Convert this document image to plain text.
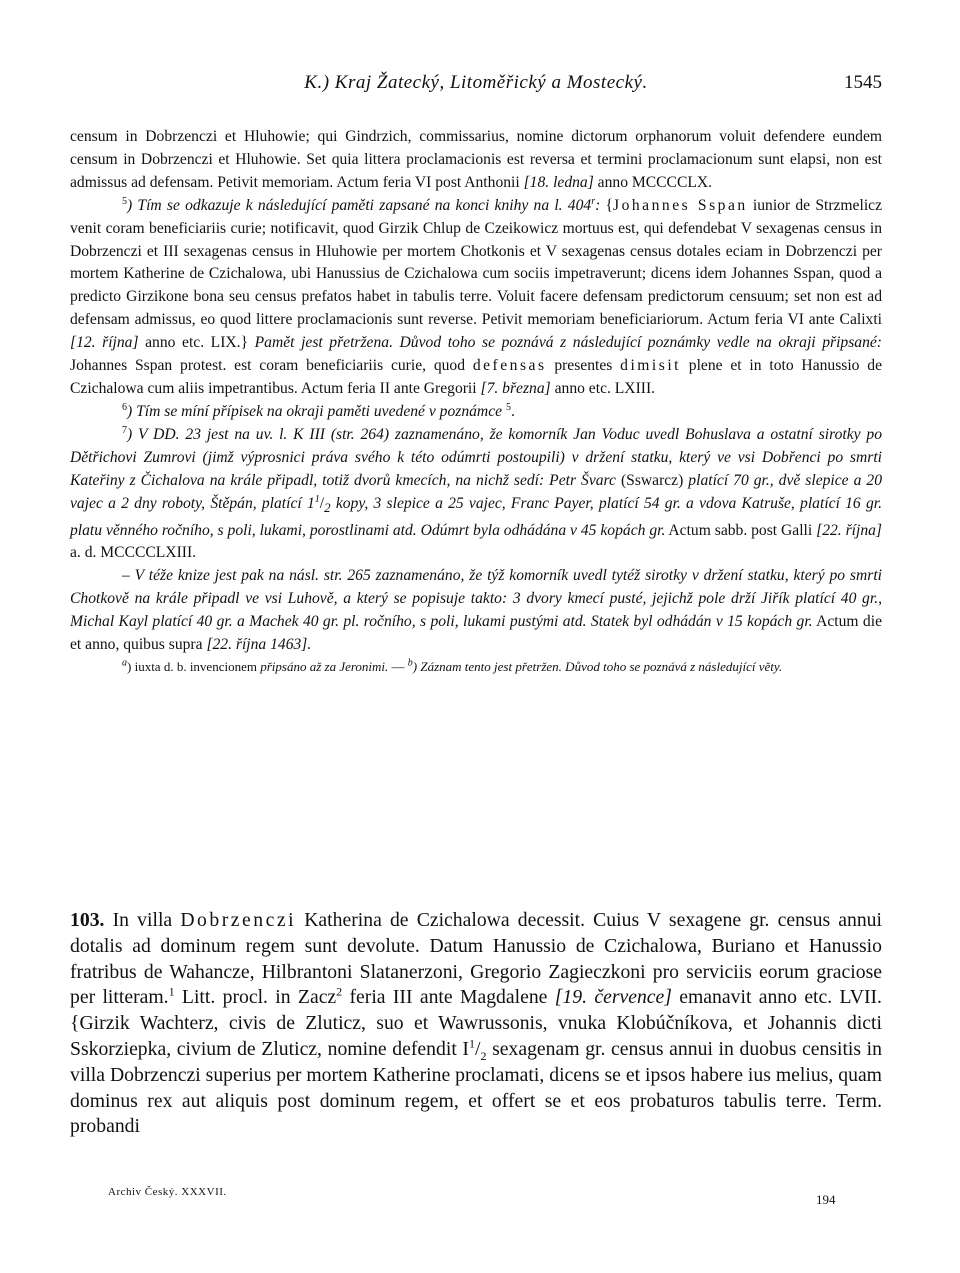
K.) Kraj Žatecký, Litoměřický a Mostecký.	1545

censum in Dobrzenczi et Hluhowie; qui Gindrzich, commissarius, nomine dictorum orphanorum voluit defendere eundem censum in Dobrzenczi et Hluhowie. Set quia littera proclamacionis est reversa et termini proclamacionum sunt elapsi, non est admissus ad defensam. Petivit memoriam. Actum feria VI post Anthonii [18. ledna] anno MCCCCLX.

$^5$) Tím se odkazuje k následující paměti zapsané na konci knihy na l. 404$^r$: {Johannes Sspan iunior de Strzmelicz venit coram beneficiariis curie; notificavit, quod Girzik Chlup de Czeikowicz mortuus est, qui defendebat V sexagenas census in Dobrzenczi et III sexagenas census in Hluhowie per mortem Chotkonis et V sexagenas census dotales eciam in Dobrzenczi per mortem Katherine de Czichalowa, ubi Hanussius de Czichalowa cum sociis impetraverunt; dicens idem Johannes Sspan, quod a predicto Girzikone bona seu census prefatos habet in tabulis terre. Voluit facere defensam predictorum censuum; set non est ad defensam admissus, eo quod littere proclamacionis sunt reverse. Petivit memoriam beneficiariorum. Actum feria VI ante Calixti [12. října] anno etc. LIX.} Pamět jest přetržena. Důvod toho se poznává z následující poznámky vedle na okraji připsané: Johannes Sspan protest. est coram beneficiariis curie, quod defensas presentes dimisit plene et in toto Hanussio de Czichalowa cum aliis impetrantibus. Actum feria II ante Gregorii [7. března] anno etc. LXIII.

$^6$) Tím se míní přípisek na okraji paměti uvedené v poznámce $^5$.

$^7$) V DD. 23 jest na uv. l. K III (str. 264) zaznamenáno, že komorník Jan Voduc uvedl Bohuslava a ostatní sirotky po Dětřichovi Zumrovi (jimž výprosnici práva svého k této odúmrti postoupili) v držení statku, který ve vsi Dobřenci po smrti Kateřiny z Čichalova na krále připadl, totiž dvorů kmecích, na nichž sedí: Petr Švarc (Sswarcz) platící 70 gr., dvě slepice a 20 vajec a 2 dny roboty, Štěpán, platící $1^1/_2$ kopy, 3 slepice a 25 vajec, Franc Payer, platící 54 gr. a vdova Katruše, platící 16 gr. platu věnného ročního, s poli, lukami, porostlinami atd. Odúmrt byla odhádána v 45 kopách gr. Actum sabb. post Galli [22. října] a. d. MCCCCLXIII.

– V téže knize jest pak na násl. str. 265 zaznamenáno, že týž komorník uvedl tytéž sirotky v držení statku, který po smrti Chotkově na krále připadl ve vsi Luhově, a který se popisuje takto: 3 dvory kmecí pusté, jejichž pole drží Jiřík platící 40 gr., Michal Kayl platící 40 gr. a Machek 40 gr. pl. ročního, s poli, lukami pustými atd. Statek byl odhádán v 15 kopách gr. Actum die et anno, quibus supra [22. října 1463].

$^a$) iuxta d. b. invencionem připsáno až za Jeronimi. — $^b$) Záznam tento jest přetržen. Důvod toho se poznává z následující věty.

103. In villa Dobrzenczi Katherina de Czichalowa decessit. Cuius V sexagene gr. census annui dotalis ad dominum regem sunt devolute. Datum Hanussio de Czichalowa, Buriano et Hanussio fratribus de Wahancze, Hilbrantoni Slatanerzoni, Gregorio Zagieczkoni pro serviciis eorum graciose per litteram.$^1$ Litt. procl. in Zacz$^2$ feria III ante Magdalene [19. července] emanavit anno etc. LVII. {Girzik Wachterz, civis de Zluticz, suo et Wawrussonis, vnuka Klobúčníkova, et Johannis dicti Sskorziepka, civium de Zluticz, nomine defendit $I^1/_2$ sexagenam gr. census annui in duobus censitis in villa Dobrzenczi superius per mortem Katherine proclamati, dicens se et ipsos habere ius melius, quam dominus rex aut aliquis post dominum regem, et offert se et eos probaturos tabulis terre. Term. probandi

Archiv Český. XXXVII.	194
